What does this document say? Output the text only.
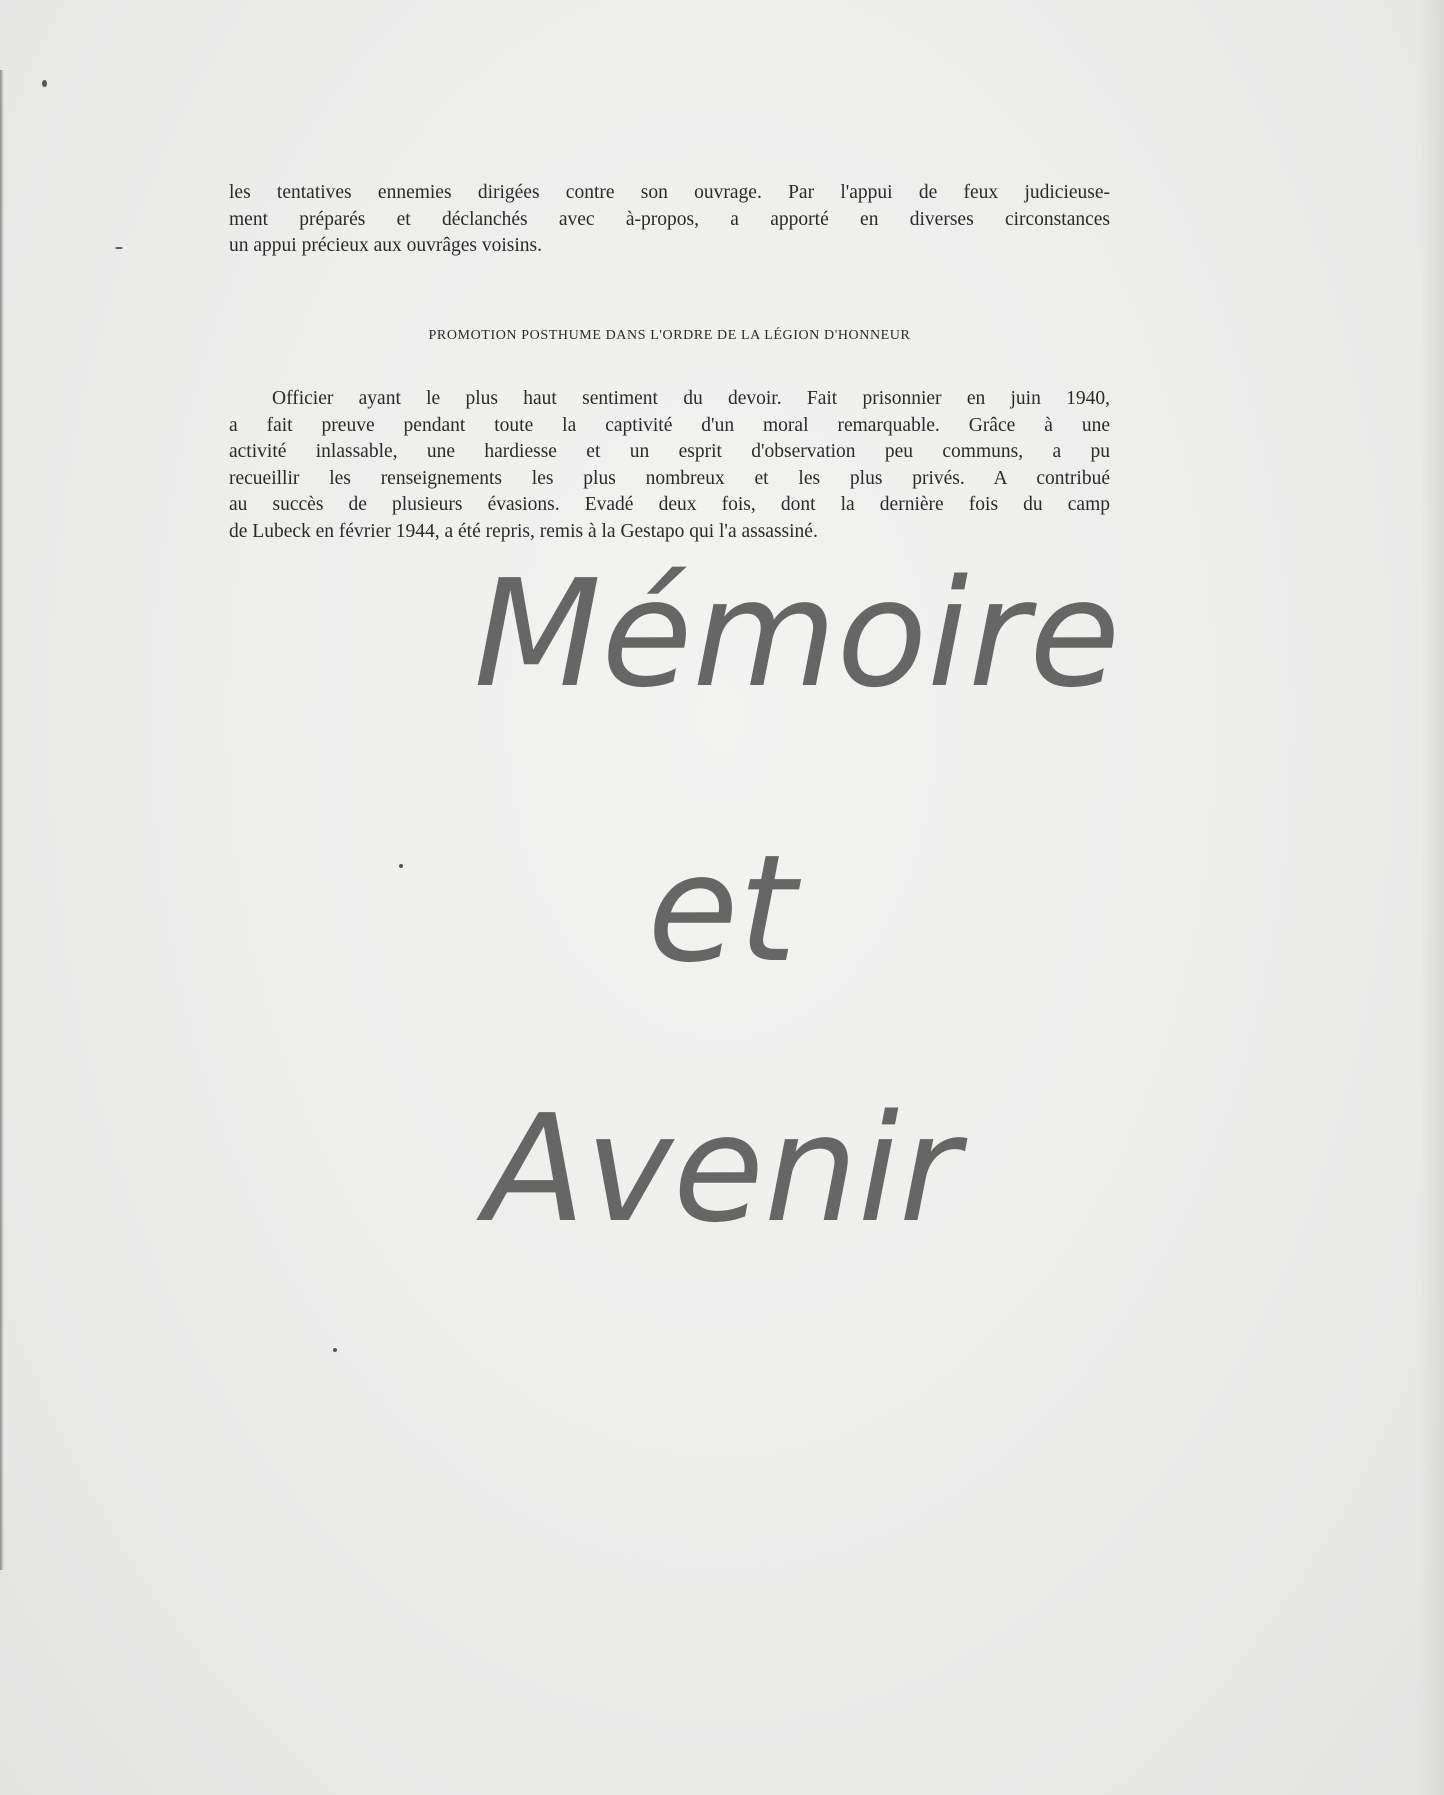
les tentatives ennemies dirigées contre son ouvrage. Par l'appui de feux judicieuse-
ment préparés et déclanchés avec à-propos, a apporté en diverses circonstances
un appui précieux aux ouvrâges voisins.
PROMOTION POSTHUME DANS L'ORDRE DE LA LÉGION D'HONNEUR
Officier ayant le plus haut sentiment du devoir. Fait prisonnier en juin 1940,
a fait preuve pendant toute la captivité d'un moral remarquable. Grâce à une
activité inlassable, une hardiesse et un esprit d'observation peu communs, a pu
recueillir les renseignements les plus nombreux et les plus privés. A contribué
au succès de plusieurs évasions. Evadé deux fois, dont la dernière fois du camp
de Lubeck en février 1944, a été repris, remis à la Gestapo qui l'a assassiné.
Mémoire
et
Avenir
